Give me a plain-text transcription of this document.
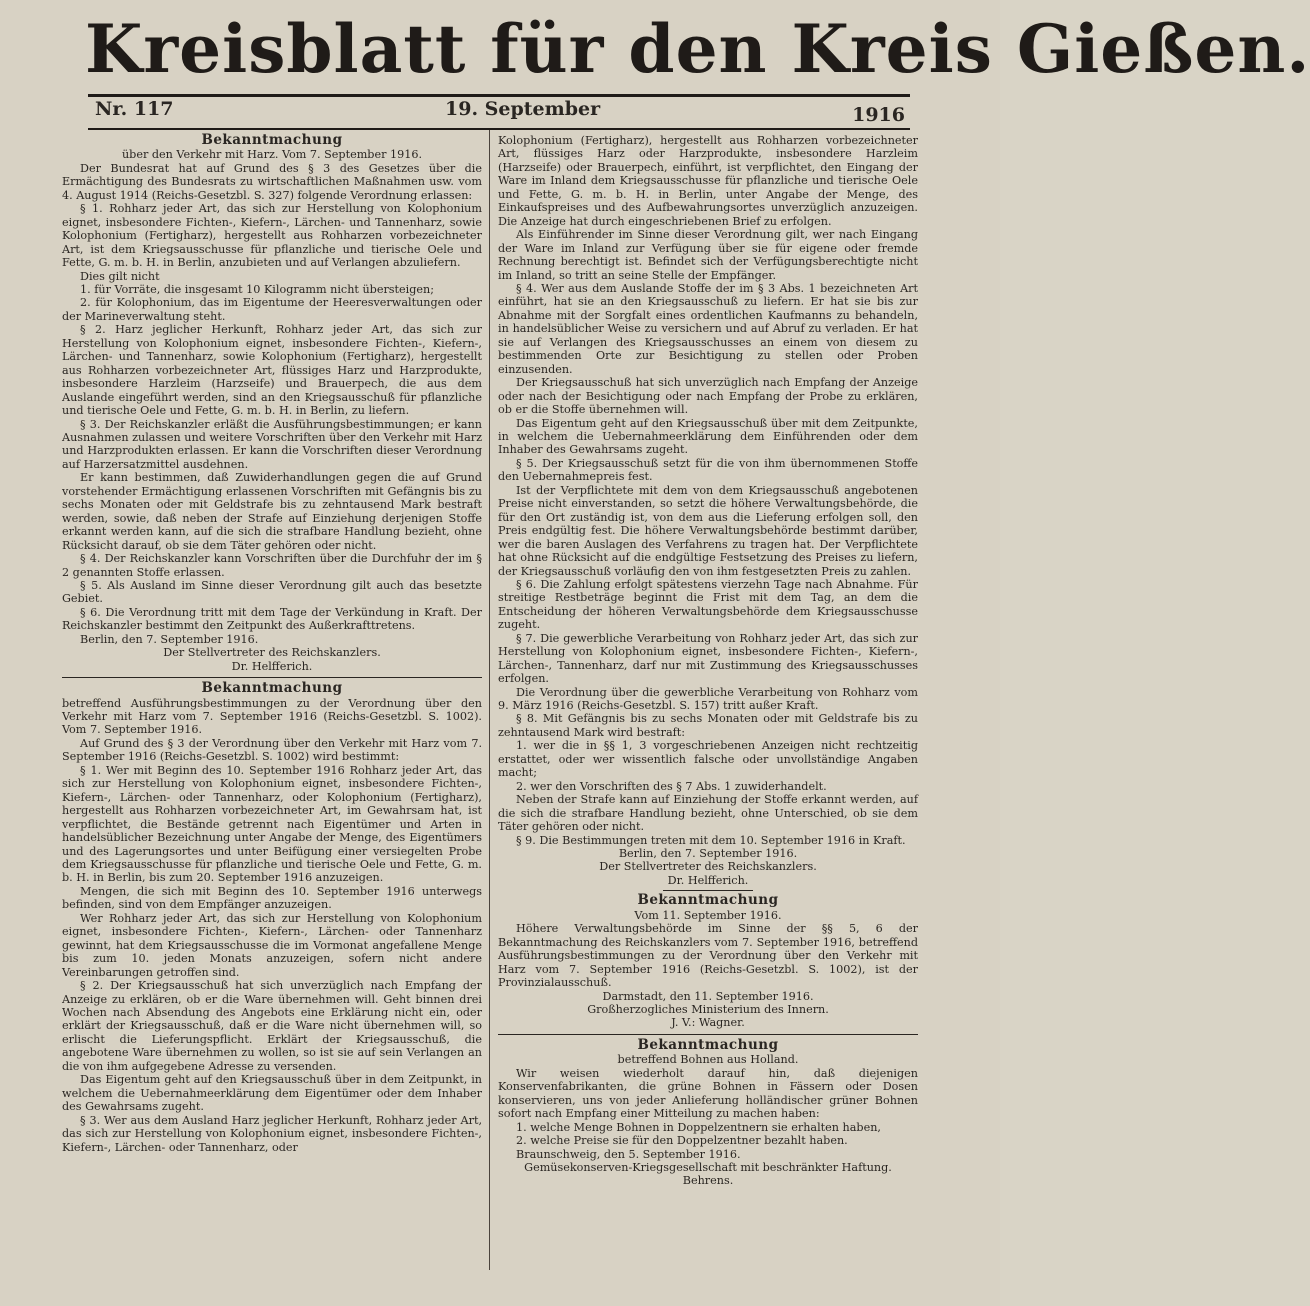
Kreisblatt für den Kreis Gießen.
Nr. 117	19. September	1916
Bekanntmachung

über den Verkehr mit Harz. Vom 7. September 1916.

Der Bundesrat hat auf Grund des § 3 des Gesetzes über die Ermächtigung des Bundesrats zu wirtschaftlichen Maßnahmen usw. vom 4. August 1914 (Reichs-Gesetzbl. S. 327) folgende Verordnung erlassen:

§ 1. Rohharz jeder Art, das sich zur Herstellung von Kolophonium eignet, insbesondere Fichten-, Kiefern-, Lärchen- und Tannenharz, sowie Kolophonium (Fertigharz), hergestellt aus Rohharzen vorbezeichneter Art, ist dem Kriegsausschusse für pflanzliche und tierische Oele und Fette, G. m. b. H. in Berlin, anzubieten und auf Verlangen abzuliefern.

Dies gilt nicht

1. für Vorräte, die insgesamt 10 Kilogramm nicht übersteigen;

2. für Kolophonium, das im Eigentume der Heeresverwaltungen oder der Marineverwaltung steht.

§ 2. Harz jeglicher Herkunft, Rohharz jeder Art, das sich zur Herstellung von Kolophonium eignet, insbesondere Fichten-, Kiefern-, Lärchen- und Tannenharz, sowie Kolophonium (Fertigharz), hergestellt aus Rohharzen vorbezeichneter Art, flüssiges Harz und Harzprodukte, insbesondere Harzleim (Harzseife) und Brauerpech, die aus dem Auslande eingeführt werden, sind an den Kriegsausschuß für pflanzliche und tierische Oele und Fette, G. m. b. H. in Berlin, zu liefern.

§ 3. Der Reichskanzler erläßt die Ausführungsbestimmungen; er kann Ausnahmen zulassen und weitere Vorschriften über den Verkehr mit Harz und Harzprodukten erlassen. Er kann die Vorschriften dieser Verordnung auf Harzersatzmittel ausdehnen.

Er kann bestimmen, daß Zuwiderhandlungen gegen die auf Grund vorstehender Ermächtigung erlassenen Vorschriften mit Gefängnis bis zu sechs Monaten oder mit Geldstrafe bis zu zehntausend Mark bestraft werden, sowie, daß neben der Strafe auf Einziehung derjenigen Stoffe erkannt werden kann, auf die sich die strafbare Handlung bezieht, ohne Rücksicht darauf, ob sie dem Täter gehören oder nicht.

§ 4. Der Reichskanzler kann Vorschriften über die Durchfuhr der im § 2 genannten Stoffe erlassen.

§ 5. Als Ausland im Sinne dieser Verordnung gilt auch das besetzte Gebiet.

§ 6. Die Verordnung tritt mit dem Tage der Verkündung in Kraft. Der Reichskanzler bestimmt den Zeitpunkt des Außerkrafttretens.

Berlin, den 7. September 1916.

Der Stellvertreter des Reichskanzlers.

Dr. Helfferich.

Bekanntmachung

betreffend Ausführungsbestimmungen zu der Verordnung über den Verkehr mit Harz vom 7. September 1916 (Reichs-Gesetzbl. S. 1002). Vom 7. September 1916.

Auf Grund des § 3 der Verordnung über den Verkehr mit Harz vom 7. September 1916 (Reichs-Gesetzbl. S. 1002) wird bestimmt:

§ 1. Wer mit Beginn des 10. September 1916 Rohharz jeder Art, das sich zur Herstellung von Kolophonium eignet, insbesondere Fichten-, Kiefern-, Lärchen- oder Tannenharz, oder Kolophonium (Fertigharz), hergestellt aus Rohharzen vorbezeichneter Art, im Gewahrsam hat, ist verpflichtet, die Bestände getrennt nach Eigentümer und Arten in handelsüblicher Bezeichnung unter Angabe der Menge, des Eigentümers und des Lagerungsortes und unter Beifügung einer versiegelten Probe dem Kriegsausschusse für pflanzliche und tierische Oele und Fette, G. m. b. H. in Berlin, bis zum 20. September 1916 anzuzeigen.

Mengen, die sich mit Beginn des 10. September 1916 unterwegs befinden, sind von dem Empfänger anzuzeigen.

Wer Rohharz jeder Art, das sich zur Herstellung von Kolophonium eignet, insbesondere Fichten-, Kiefern-, Lärchen- oder Tannenharz gewinnt, hat dem Kriegsausschusse die im Vormonat angefallene Menge bis zum 10. jeden Monats anzuzeigen, sofern nicht andere Vereinbarungen getroffen sind.

§ 2. Der Kriegsausschuß hat sich unverzüglich nach Empfang der Anzeige zu erklären, ob er die Ware übernehmen will. Geht binnen drei Wochen nach Absendung des Angebots eine Erklärung nicht ein, oder erklärt der Kriegsausschuß, daß er die Ware nicht übernehmen will, so erlischt die Lieferungspflicht. Erklärt der Kriegsausschuß, die angebotene Ware übernehmen zu wollen, so ist sie auf sein Verlangen an die von ihm aufgegebene Adresse zu versenden.

Das Eigentum geht auf den Kriegsausschuß über in dem Zeitpunkt, in welchem die Uebernahmeerklärung dem Eigentümer oder dem Inhaber des Gewahrsams zugeht.

§ 3. Wer aus dem Ausland Harz jeglicher Herkunft, Rohharz jeder Art, das sich zur Herstellung von Kolophonium eignet, insbesondere Fichten-, Kiefern-, Lärchen- oder Tannenharz, oder

Kolophonium (Fertigharz), hergestellt aus Rohharzen vorbezeichneter Art, flüssiges Harz oder Harzprodukte, insbesondere Harzleim (Harzseife) oder Brauerpech, einführt, ist verpflichtet, den Eingang der Ware im Inland dem Kriegsausschusse für pflanzliche und tierische Oele und Fette, G. m. b. H. in Berlin, unter Angabe der Menge, des Einkaufspreises und des Aufbewahrungsortes unverzüglich anzuzeigen. Die Anzeige hat durch eingeschriebenen Brief zu erfolgen.

Als Einführender im Sinne dieser Verordnung gilt, wer nach Eingang der Ware im Inland zur Verfügung über sie für eigene oder fremde Rechnung berechtigt ist. Befindet sich der Verfügungsberechtigte nicht im Inland, so tritt an seine Stelle der Empfänger.

§ 4. Wer aus dem Auslande Stoffe der im § 3 Abs. 1 bezeichneten Art einführt, hat sie an den Kriegsausschuß zu liefern. Er hat sie bis zur Abnahme mit der Sorgfalt eines ordentlichen Kaufmanns zu behandeln, in handelsüblicher Weise zu versichern und auf Abruf zu verladen. Er hat sie auf Verlangen des Kriegsausschusses an einem von diesem zu bestimmenden Orte zur Besichtigung zu stellen oder Proben einzusenden.

Der Kriegsausschuß hat sich unverzüglich nach Empfang der Anzeige oder nach der Besichtigung oder nach Empfang der Probe zu erklären, ob er die Stoffe übernehmen will.

Das Eigentum geht auf den Kriegsausschuß über mit dem Zeitpunkte, in welchem die Uebernahmeerklärung dem Einführenden oder dem Inhaber des Gewahrsams zugeht.

§ 5. Der Kriegsausschuß setzt für die von ihm übernommenen Stoffe den Uebernahmepreis fest.

Ist der Verpflichtete mit dem von dem Kriegsausschuß angebotenen Preise nicht einverstanden, so setzt die höhere Verwaltungsbehörde, die für den Ort zuständig ist, von dem aus die Lieferung erfolgen soll, den Preis endgültig fest. Die höhere Verwaltungsbehörde bestimmt darüber, wer die baren Auslagen des Verfahrens zu tragen hat. Der Verpflichtete hat ohne Rücksicht auf die endgültige Festsetzung des Preises zu liefern, der Kriegsausschuß vorläufig den von ihm festgesetzten Preis zu zahlen.

§ 6. Die Zahlung erfolgt spätestens vierzehn Tage nach Abnahme. Für streitige Restbeträge beginnt die Frist mit dem Tag, an dem die Entscheidung der höheren Verwaltungsbehörde dem Kriegsausschusse zugeht.

§ 7. Die gewerbliche Verarbeitung von Rohharz jeder Art, das sich zur Herstellung von Kolophonium eignet, insbesondere Fichten-, Kiefern-, Lärchen-, Tannenharz, darf nur mit Zustimmung des Kriegsausschusses erfolgen.

Die Verordnung über die gewerbliche Verarbeitung von Rohharz vom 9. März 1916 (Reichs-Gesetzbl. S. 157) tritt außer Kraft.

§ 8. Mit Gefängnis bis zu sechs Monaten oder mit Geldstrafe bis zu zehntausend Mark wird bestraft:

1. wer die in §§ 1, 3 vorgeschriebenen Anzeigen nicht rechtzeitig erstattet, oder wer wissentlich falsche oder unvollständige Angaben macht;

2. wer den Vorschriften des § 7 Abs. 1 zuwiderhandelt.

Neben der Strafe kann auf Einziehung der Stoffe erkannt werden, auf die sich die strafbare Handlung bezieht, ohne Unterschied, ob sie dem Täter gehören oder nicht.

§ 9. Die Bestimmungen treten mit dem 10. September 1916 in Kraft.

Berlin, den 7. September 1916.

Der Stellvertreter des Reichskanzlers.

Dr. Helfferich.

Bekanntmachung

Vom 11. September 1916.

Höhere Verwaltungsbehörde im Sinne der §§ 5, 6 der Bekanntmachung des Reichskanzlers vom 7. September 1916, betreffend Ausführungsbestimmungen zu der Verordnung über den Verkehr mit Harz vom 7. September 1916 (Reichs-Gesetzbl. S. 1002), ist der Provinzialausschuß.

Darmstadt, den 11. September 1916.

Großherzogliches Ministerium des Innern.

J. V.: Wagner.

Bekanntmachung

betreffend Bohnen aus Holland.

Wir weisen wiederholt darauf hin, daß diejenigen Konservenfabrikanten, die grüne Bohnen in Fässern oder Dosen konservieren, uns von jeder Anlieferung holländischer grüner Bohnen sofort nach Empfang einer Mitteilung zu machen haben:

1. welche Menge Bohnen in Doppelzentnern sie erhalten haben,

2. welche Preise sie für den Doppelzentner bezahlt haben.

Braunschweig, den 5. September 1916.

Gemüsekonserven-Kriegsgesellschaft mit beschränkter Haftung.

Behrens.
